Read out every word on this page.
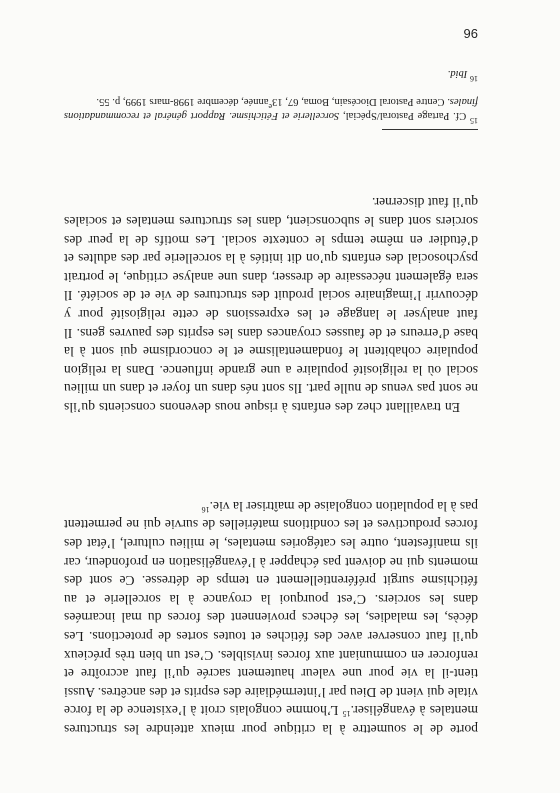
porte de le soumettre à la critique pour mieux atteindre les structures mentales à évangéliser.$^{15}$ L’homme congolais croit à l’existence de la force vitale qui vient de Dieu par l’intermédiaire des esprits et des ancêtres. Aussi tient-il la vie pour une valeur hautement sacrée qu’il faut accroître et renforcer en communiant aux forces invisibles. C’est un bien très précieux qu’il faut conserver avec des fétiches et toutes sortes de protections. Les décès, les maladies, les échecs proviennent des forces du mal incarnées dans les sorciers. C’est pourquoi la croyance à la sorcellerie et au fétichisme surgit préférentiellement en temps de détresse. Ce sont des moments qui ne doivent pas échapper à l’évangélisation en profondeur, car ils manifestent, outre les catégories mentales, le milieu culturel, l’état des forces productives et les conditions matérielles de survie qui ne permettent pas à la population congolaise de maîtriser la vie.$^{16}$

En travaillant chez des enfants à risque nous devenons conscients qu’ils ne sont pas venus de nulle part. Ils sont nés dans un foyer et dans un milieu social où la religiosité populaire a une grande influence. Dans la religion populaire cohabitent le fondamentalisme et le concordisme qui sont à la base d’erreurs et de fausses croyances dans les esprits des pauvres gens. Il faut analyser le langage et les expressions de cette religiosité pour y découvrir l’imaginaire social produit des structures de vie et de société. Il sera également nécessaire de dresser, dans une analyse critique, le portrait psychosocial des enfants qu’on dit initiés à la sorcellerie par des adultes et d’étudier en même temps le contexte social. Les motifs de la peur des sorciers sont dans le subconscient, dans les structures mentales et sociales qu’il faut discerner.

$^{15}$ Cf. Partage Pastoral/Spécial, Sorcellerie et Fétichisme. Rapport général et recommandations finales. Centre Pastoral Diocésain, Boma, 67, 13eannée, décembre 1998-mars 1999, p. 55.

$^{16}$ Ibid.

96
